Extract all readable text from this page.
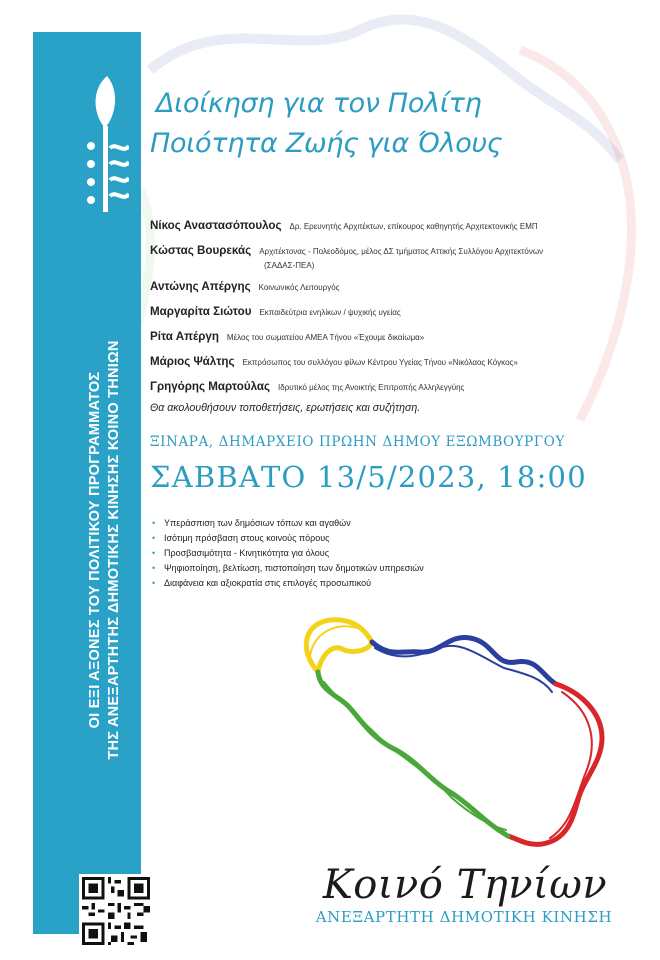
ΟΙ ΕΞΙ ΑΞΟΝΕΣ ΤΟΥ ΠΟΛΙΤΙΚΟΥ ΠΡΟΓΡΑΜΜΑΤΟΣ ΤΗΣ ΑΝΕΞΑΡΤΗΤΗΣ ΔΗΜΟΤΙΚΗΣ ΚΙΝΗΣΗΣ ΚΟΙΝΟ ΤΗΝΙΩΝ
Διοίκηση για τον Πολίτη
Ποιότητα Ζωής για Όλους
Νίκος Αναστασόπουλος Δρ. Ερευνητής Αρχιτέκτων, επίκουρος καθηγητής Αρχιτεκτονικής ΕΜΠ
Κώστας Βουρεκάς Αρχιτέκτονας - Πολεοδόμος, μέλος ΔΣ τμήματος Αττικής Συλλόγου Αρχιτεκτόνων
(ΣΑΔΑΣ-ΠΕΑ)
Αντώνης Απέργης Κοινωνικός Λειτουργός
Μαργαρίτα Σιώτου Εκπαιδεύτρια ενηλίκων / ψυχικής υγείας
Ρίτα Απέργη Μέλος του σωματείου ΑΜΕΑ Τήνου «Έχουμε δικαίωμα»
Μάριος Ψάλτης Εκπρόσωπος του συλλόγου φίλων Κέντρου Υγείας Τήνου «Νικόλαος Κόγκος»
Γρηγόρης Μαρτούλας Ιδρυτικό μέλος της Ανοικτής Επιτροπής Αλληλεγγύης
Θα ακολουθήσουν τοποθετήσεις, ερωτήσεις και συζήτηση.
ΞΙΝΑΡΑ, ΔΗΜΑΡΧΕΙΟ ΠΡΩΗΝ ΔΗΜΟΥ ΕΞΩΜΒΟΥΡΓΟΥ
ΣΑΒΒΑΤΟ 13/5/2023, 18:00
• Υπεράσπιση των δημόσιων τόπων και αγαθών
• Ισότιμη πρόσβαση στους κοινούς πόρους
• Προσβασιμότητα - Κινητικότητα για όλους
• Ψηφιοποίηση, βελτίωση, πιστοποίηση των δημοτικών υπηρεσιών
• Διαφάνεια και αξιοκρατία στις επιλογές προσωπικού
Κοινό Τηνίων
ΑΝΕΞΑΡΤΗΤΗ ΔΗΜΟΤΙΚΗ ΚΙΝΗΣΗ
